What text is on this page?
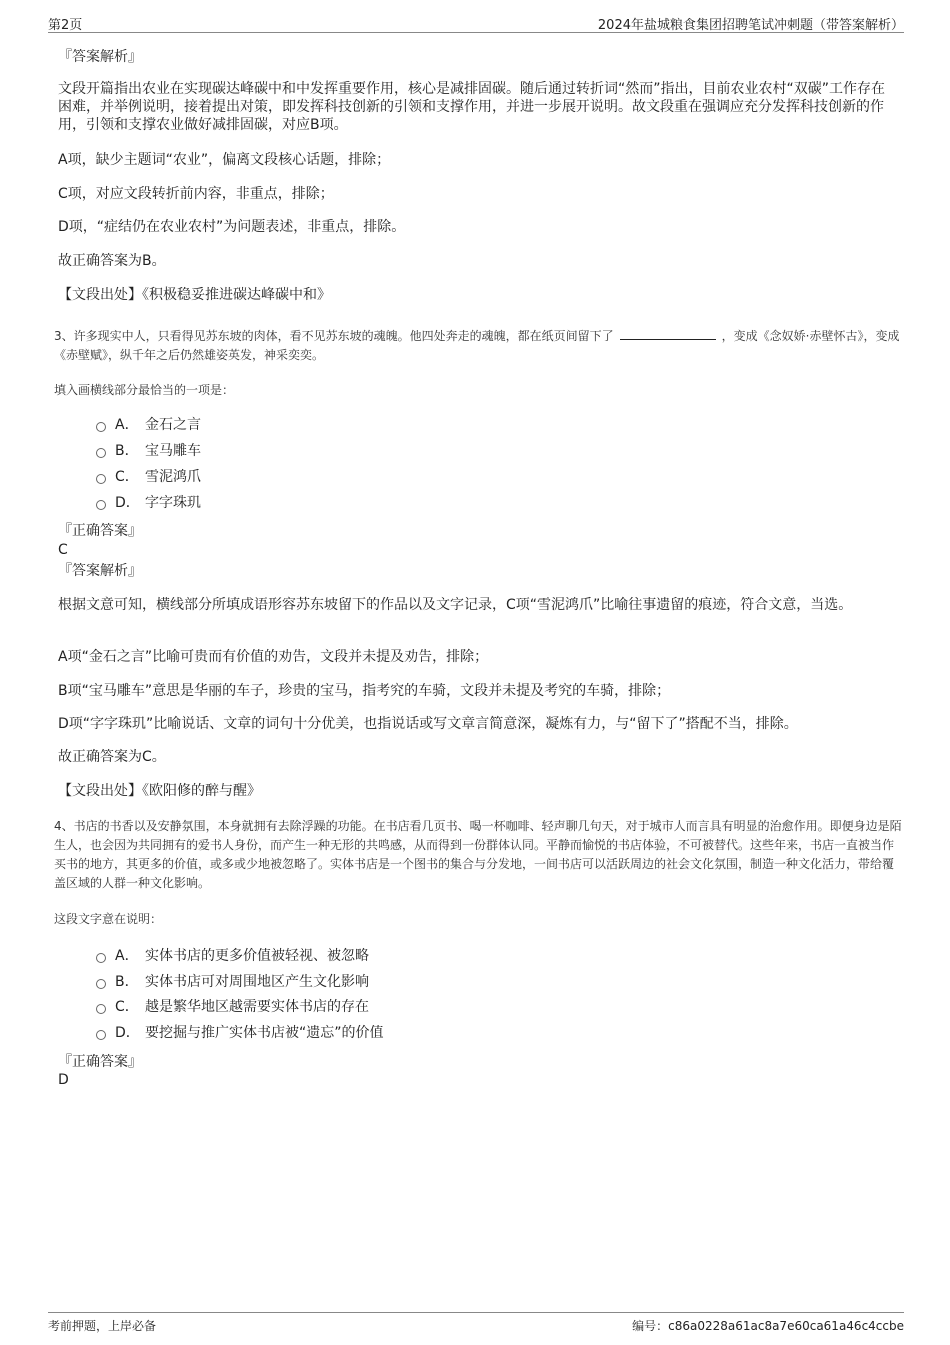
第2页	2024年盐城粮食集团招聘笔试冲刺题（带答案解析）
『答案解析』
文段开篇指出农业在实现碳达峰碳中和中发挥重要作用，核心是减排固碳。随后通过转折词“然而”指出，目前农业农村“双碳”工作存在困难，并举例说明，接着提出对策，即发挥科技创新的引领和支撑作用，并进一步展开说明。故文段重在强调应充分发挥科技创新的作用，引领和支撑农业做好减排固碳，对应B项。
A项，缺少主题词“农业”，偏离文段核心话题，排除；
C项，对应文段转折前内容，非重点，排除；
D项，“症结仍在农业农村”为问题表述，非重点，排除。
故正确答案为B。
【文段出处】《积极稳妥推进碳达峰碳中和》
3、许多现实中人，只看得见苏东坡的肉体，看不见苏东坡的魂魄。他四处奔走的魂魄，都在纸页间留下了	，变成《念奴娇·赤壁怀古》，变成《赤壁赋》，纵千年之后仍然雄姿英发，神采奕奕。
填入画横线部分最恰当的一项是：
A． 金石之言
B． 宝马雕车
C． 雪泥鸿爪
D． 字字珠玑
『正确答案』
C
『答案解析』
根据文意可知，横线部分所填成语形容苏东坡留下的作品以及文字记录，C项“雪泥鸿爪”比喻往事遗留的痕迹，符合文意，当选。
A项“金石之言”比喻可贵而有价值的劝告，文段并未提及劝告，排除；
B项“宝马雕车”意思是华丽的车子，珍贵的宝马，指考究的车骑，文段并未提及考究的车骑，排除；
D项“字字珠玑”比喻说话、文章的词句十分优美，也指说话或写文章言简意深，凝炼有力，与“留下了”搭配不当，排除。
故正确答案为C。
【文段出处】《欧阳修的醉与醒》
4、书店的书香以及安静氛围，本身就拥有去除浮躁的功能。在书店看几页书、喝一杯咖啡、轻声聊几句天，对于城市人而言具有明显的治愈作用。即便身边是陌生人，也会因为共同拥有的爱书人身份，而产生一种无形的共鸣感，从而得到一份群体认同。平静而愉悦的书店体验，不可被替代。这些年来，书店一直被当作买书的地方，其更多的价值，或多或少地被忽略了。实体书店是一个图书的集合与分发地，一间书店可以活跃周边的社会文化氛围，制造一种文化活力，带给覆盖区域的人群一种文化影响。
这段文字意在说明：
A． 实体书店的更多价值被轻视、被忽略
B． 实体书店可对周围地区产生文化影响
C． 越是繁华地区越需要实体书店的存在
D． 要挖掘与推广实体书店被“遗忘”的价值
『正确答案』
D
考前押题，上岸必备	编号：c86a0228a61ac8a7e60ca61a46c4ccbe
